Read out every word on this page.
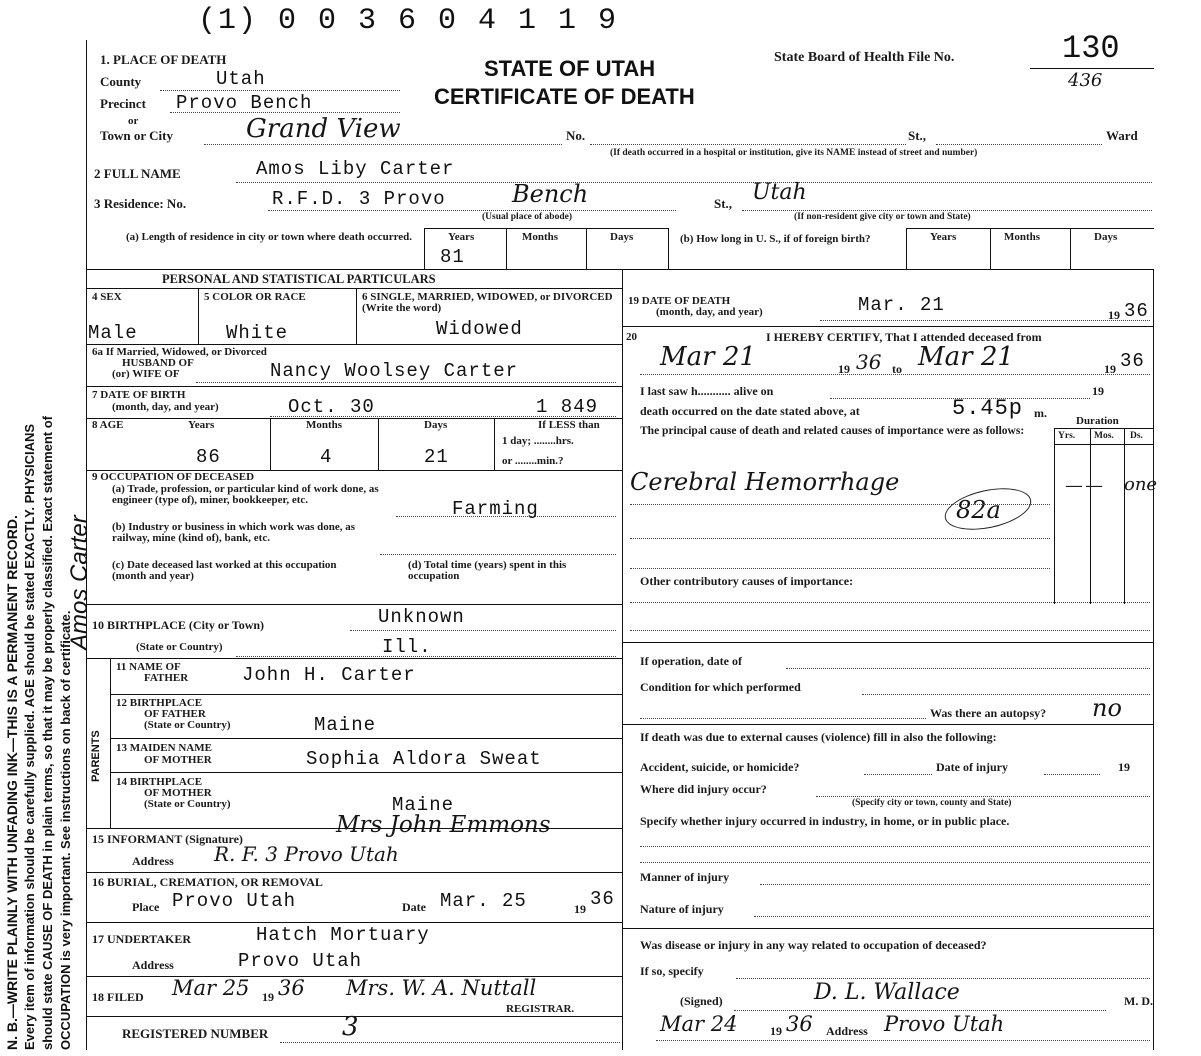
N. B.—WRITE PLAINLY WITH UNFADING INK—THIS IS A PERMANENT RECORD. Every item of information should be carefully supplied. AGE should be stated EXACTLY. PHYSICIANS should state CAUSE OF DEATH in plain terms, so that it may be properly classified. Exact statement of OCCUPATION is very important. See instructions on back of certificate.
Amos Carter
(1) 0 0 3 6 0 4 1 1 9
STATE OF UTAH
CERTIFICATE OF DEATH
State Board of Health File No.	130
436
1. PLACE OF DEATH
County	Utah
Precinct Provo Bench
or
Town or City	Grand View	No.	St.,	Ward
(If death occurred in a hospital or institution, give its NAME instead of street and number)
2 FULL NAME	Amos Liby Carter
3 Residence: No.	R.F.D. 3 Provo	Bench	St., Utah
(Usual place of abode)	(If non-resident give city or town and State)
(a) Length of residence in city or town where death occurred.	Years	Months	Days
81
(b) How long in U. S., if of foreign birth?	Years	Months	Days
PERSONAL AND STATISTICAL PARTICULARS
4 SEX	5 COLOR OR RACE	6 SINGLE, MARRIED, WIDOWED, or DIVORCED (Write the word)
Male	White	Widowed
6a If Married, Widowed, or Divorced
HUSBAND OF
(or) WIFE OF	Nancy Woolsey Carter
7 DATE OF BIRTH
(month, day, and year)	Oct. 30	1 849
8 AGE	Years	Months	Days	If LESS than
1 day; ........hrs.
or ........min.?
86	4	21
9 OCCUPATION OF DECEASED
(a) Trade, profession, or particular kind of work done, as engineer (type of), miner, bookkeeper, etc.	Farming
(b) Industry or business in which work was done, as railway, mine (kind of), bank, etc.
(c) Date deceased last worked at this occupation (month and year)
(d) Total time (years) spent in this occupation
10 BIRTHPLACE (City or Town)	Unknown
(State or Country)	Ill.
PARENTS
11 NAME OF
FATHER	John H. Carter
12 BIRTHPLACE
OF FATHER
(State or Country)	Maine
13 MAIDEN NAME
OF MOTHER	Sophia Aldora Sweat
14 BIRTHPLACE
OF MOTHER
(State or Country)	Maine
15 INFORMANT (Signature)
Mrs John Emmons
Address R. F. 3 Provo Utah
16 BURIAL, CREMATION, OR REMOVAL
Place Provo Utah	Date Mar. 25	19 36
17 UNDERTAKER	Hatch Mortuary
Address	Provo Utah
18 FILED Mar 25 19 36 Mrs. W. A. Nuttall
REGISTRAR.
REGISTERED NUMBER	3
19 DATE OF DEATH
(month, day, and year)	Mar. 21	19 36
20	I HEREBY CERTIFY, That I attended deceased from
Mar 21	19 36 to Mar 21	19 36
I last saw h........... alive on	19
death occurred on the date stated above, at	5.45p m.
Duration
The principal cause of death and related causes of importance were as follows:	Yrs. Mos. Ds.
Cerebral Hemorrhage
82a
— — one
Other contributory causes of importance:
If operation, date of
Condition for which performed
Was there an autopsy? no
If death was due to external causes (violence) fill in also the following:
Accident, suicide, or homicide?	Date of injury	19
Where did injury occur?
(Specify city or town, county and State)
Specify whether injury occurred in industry, in home, or in public place.
Manner of injury
Nature of injury
Was disease or injury in any way related to occupation of deceased?
If so, specify
(Signed)	D. L. Wallace	M. D.
Mar 24	19 36 Address Provo Utah
